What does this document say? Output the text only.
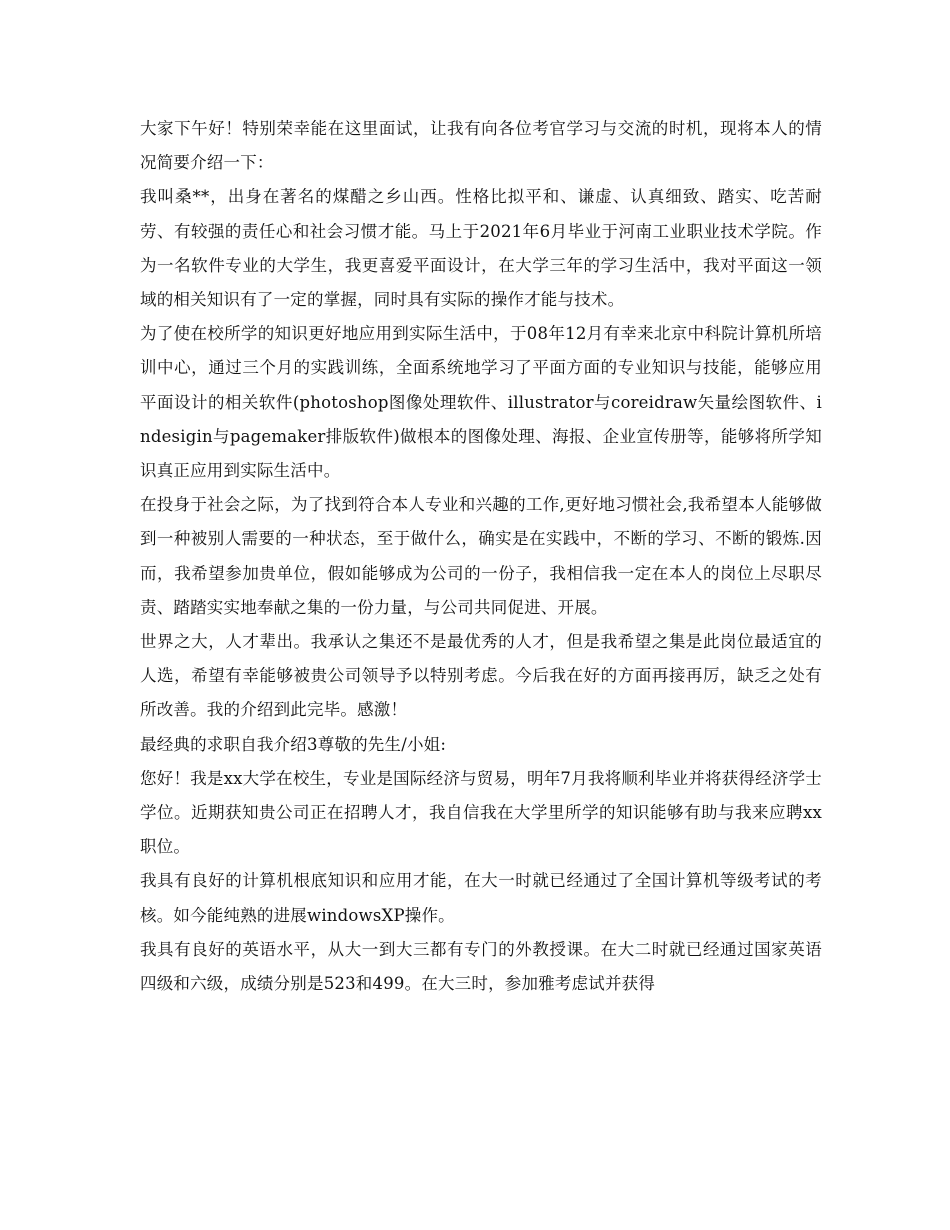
大家下午好！特别荣幸能在这里面试，让我有向各位考官学习与交流的时机，现将本人的情况简要介绍一下：

我叫桑**，出身在著名的煤醋之乡山西。性格比拟平和、谦虚、认真细致、踏实、吃苦耐劳、有较强的责任心和社会习惯才能。马上于2021年6月毕业于河南工业职业技术学院。作为一名软件专业的大学生，我更喜爱平面设计，在大学三年的学习生活中，我对平面这一领域的相关知识有了一定的掌握，同时具有实际的操作才能与技术。

为了使在校所学的知识更好地应用到实际生活中，于08年12月有幸来北京中科院计算机所培训中心，通过三个月的实践训练，全面系统地学习了平面方面的专业知识与技能，能够应用平面设计的相关软件(photoshop图像处理软件、illustrator与coreidraw矢量绘图软件、indesigin与pagemaker排版软件)做根本的图像处理、海报、企业宣传册等，能够将所学知识真正应用到实际生活中。

在投身于社会之际，为了找到符合本人专业和兴趣的工作,更好地习惯社会,我希望本人能够做到一种被别人需要的一种状态，至于做什么，确实是在实践中，不断的学习、不断的锻炼.因而，我希望参加贵单位，假如能够成为公司的一份子，我相信我一定在本人的岗位上尽职尽责、踏踏实实地奉献之集的一份力量，与公司共同促进、开展。

世界之大，人才辈出。我承认之集还不是最优秀的人才，但是我希望之集是此岗位最适宜的人选，希望有幸能够被贵公司领导予以特别考虑。今后我在好的方面再接再厉，缺乏之处有所改善。我的介绍到此完毕。感激！

最经典的求职自我介绍3尊敬的先生/小姐:

您好！我是xx大学在校生，专业是国际经济与贸易，明年7月我将顺利毕业并将获得经济学士学位。近期获知贵公司正在招聘人才，我自信我在大学里所学的知识能够有助与我来应聘xx职位。

我具有良好的计算机根底知识和应用才能，在大一时就已经通过了全国计算机等级考试的考核。如今能纯熟的进展windowsXP操作。

我具有良好的英语水平，从大一到大三都有专门的外教授课。在大二时就已经通过国家英语四级和六级，成绩分别是523和499。在大三时，参加雅考虑试并获得
